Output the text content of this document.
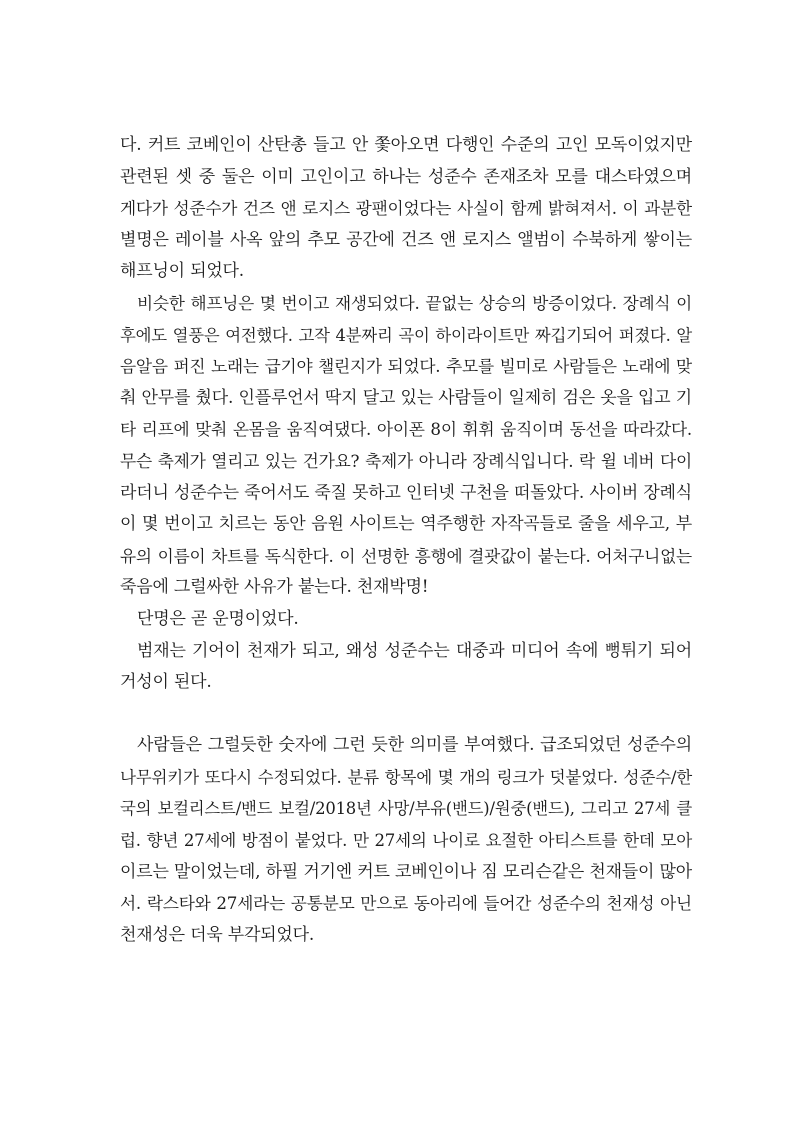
다. 커트 코베인이 산탄총 들고 안 쫓아오면 다행인 수준의 고인 모독이었지만
관련된 셋 중 둘은 이미 고인이고 하나는 성준수 존재조차 모를 대스타였으며
게다가 성준수가 건즈 앤 로지스 광팬이었다는 사실이 함께 밝혀져서. 이 과분한
별명은 레이블 사옥 앞의 추모 공간에 건즈 앤 로지스 앨범이 수북하게 쌓이는
해프닝이 되었다.
비슷한 해프닝은 몇 번이고 재생되었다. 끝없는 상승의 방증이었다. 장례식 이
후에도 열풍은 여전했다. 고작 4분짜리 곡이 하이라이트만 짜깁기되어 퍼졌다. 알
음알음 퍼진 노래는 급기야 챌린지가 되었다. 추모를 빌미로 사람들은 노래에 맞
춰 안무를 췄다. 인플루언서 딱지 달고 있는 사람들이 일제히 검은 옷을 입고 기
타 리프에 맞춰 온몸을 움직여댔다. 아이폰 8이 휘휘 움직이며 동선을 따라갔다.
무슨 축제가 열리고 있는 건가요? 축제가 아니라 장례식입니다. 락 윌 네버 다이
라더니 성준수는 죽어서도 죽질 못하고 인터넷 구천을 떠돌았다. 사이버 장례식
이 몇 번이고 치르는 동안 음원 사이트는 역주행한 자작곡들로 줄을 세우고, 부
유의 이름이 차트를 독식한다. 이 선명한 흥행에 결괏값이 붙는다. 어처구니없는
죽음에 그럴싸한 사유가 붙는다. 천재박명!
단명은 곧 운명이었다.
범재는 기어이 천재가 되고, 왜성 성준수는 대중과 미디어 속에 뻥튀기 되어
거성이 된다.
사람들은 그럴듯한 숫자에 그런 듯한 의미를 부여했다. 급조되었던 성준수의
나무위키가 또다시 수정되었다. 분류 항목에 몇 개의 링크가 덧붙었다. 성준수/한
국의 보컬리스트/밴드 보컬/2018년 사망/부유(밴드)/원중(밴드), 그리고 27세 클
럽. 향년 27세에 방점이 붙었다. 만 27세의 나이로 요절한 아티스트를 한데 모아
이르는 말이었는데, 하필 거기엔 커트 코베인이나 짐 모리슨같은 천재들이 많아
서. 락스타와 27세라는 공통분모 만으로 동아리에 들어간 성준수의 천재성 아닌
천재성은 더욱 부각되었다.
